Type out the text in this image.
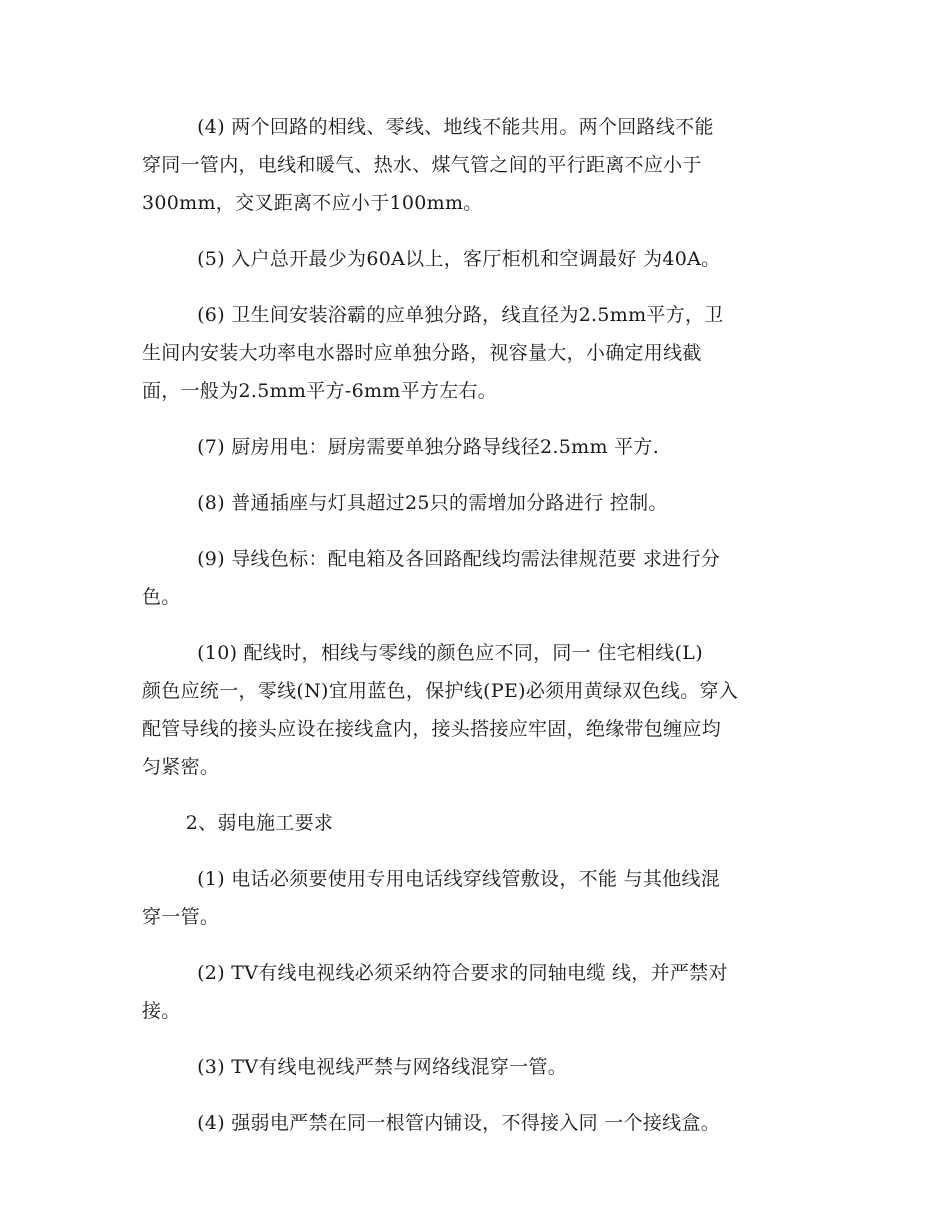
(4) 两个回路的相线、零线、地线不能共用。两个回路线不能
穿同一管内，电线和暖气、热水、煤气管之间的平行距离不应小于
300mm，交叉距离不应小于100mm。

(5) 入户总开最少为60A以上，客厅柜机和空调最好 为40A。

(6) 卫生间安装浴霸的应单独分路，线直径为2.5mm平方，卫
生间内安装大功率电水器时应单独分路，视容量大，小确定用线截
面，一般为2.5mm平方-6mm平方左右。

(7) 厨房用电：厨房需要单独分路导线径2.5mm 平方.

(8) 普通插座与灯具超过25只的需增加分路进行 控制。

(9) 导线色标：配电箱及各回路配线均需法律规范要 求进行分
色。

(10) 配线时，相线与零线的颜色应不同，同一 住宅相线(L)
颜色应统一，零线(N)宜用蓝色，保护线(PE)必须用黄绿双色线。穿入
配管导线的接头应设在接线盒内，接头搭接应牢固，绝缘带包缠应均
匀紧密。

2、弱电施工要求

(1) 电话必须要使用专用电话线穿线管敷设，不能 与其他线混
穿一管。

(2) TV有线电视线必须采纳符合要求的同轴电缆 线，并严禁对
接。

(3) TV有线电视线严禁与网络线混穿一管。

(4) 强弱电严禁在同一根管内铺设，不得接入同 一个接线盒。
